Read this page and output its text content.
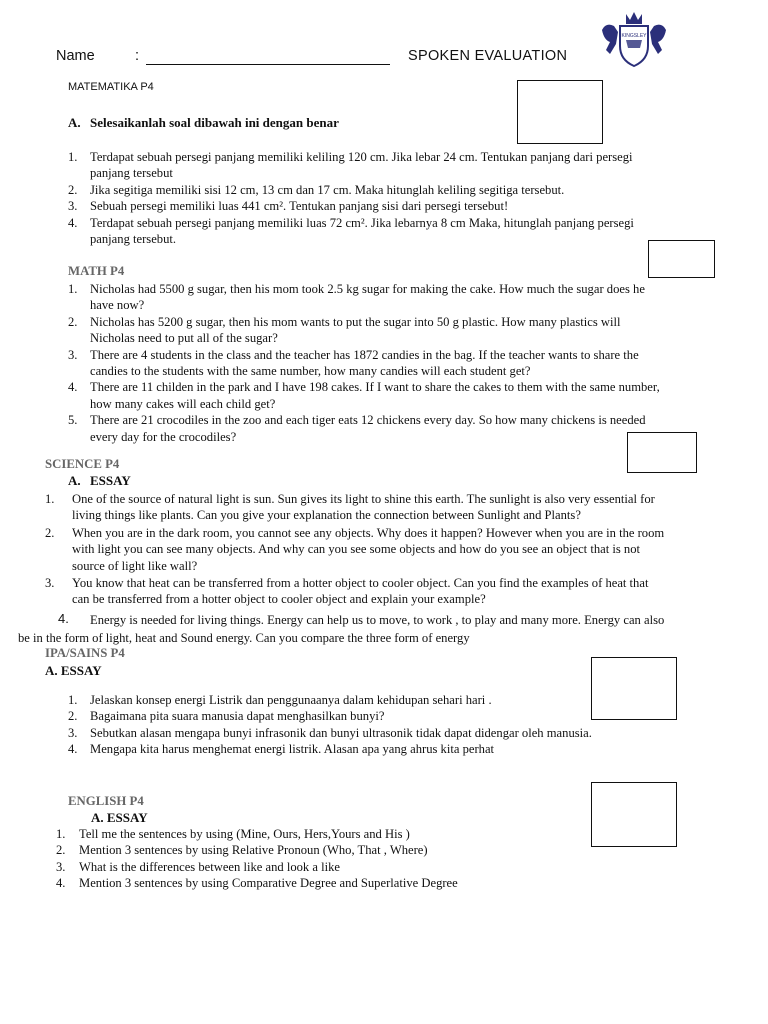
Name	:	SPOKEN EVALUATION
KINGSLEY
MATEMATIKA P4
A. Selesaikanlah soal dibawah ini dengan benar
1. Terdapat sebuah persegi panjang memiliki keliling 120 cm. Jika lebar 24 cm. Tentukan panjang dari persegi
panjang tersebut
2. Jika segitiga memiliki sisi 12 cm, 13 cm dan 17 cm. Maka hitunglah keliling segitiga tersebut.
3. Sebuah persegi memiliki luas 441 cm². Tentukan panjang sisi dari persegi tersebut!
4. Terdapat sebuah persegi panjang memiliki luas 72 cm². Jika lebarnya 8 cm Maka, hitunglah panjang persegi
panjang tersebut.
MATH P4
1. Nicholas had 5500 g sugar, then his mom took 2.5 kg sugar for making the cake. How much the sugar does he
have now?
2. Nicholas has 5200 g sugar, then his mom wants to put the sugar into 50 g plastic. How many plastics will
Nicholas need to put all of the sugar?
3. There are 4 students in the class and the teacher has 1872 candies in the bag. If the teacher wants to share the
candies to the students with the same number, how many candies will each student get?
4. There are 11 childen in the park and I have 198 cakes. If I want to share the cakes to them with the same number,
how many cakes will each child get?
5. There are 21 crocodiles in the zoo and each tiger eats 12 chickens every day. So how many chickens is needed
every day for the crocodiles?
SCIENCE P4
A. ESSAY
1. One of the source of natural light is sun. Sun gives its light to shine this earth. The sunlight is also very essential for
living things like plants. Can you give your explanation the connection between Sunlight and Plants?
2. When you are in the dark room, you cannot see any objects. Why does it happen? However when you are in the room
with light you can see many objects. And why can you see some objects and how do you see an object that is not
source of light like wall?
3. You know that heat can be transferred from a hotter object to cooler object. Can you find the examples of heat that
can be transferred from a hotter object to cooler object and explain your example?
4. Energy is needed for living things. Energy can help us to move, to work , to play and many more. Energy can also
be in the form of light, heat and Sound energy. Can you compare the three form of energy
IPA/SAINS P4
A. ESSAY
1. Jelaskan konsep energi Listrik dan penggunaanya dalam kehidupan sehari hari .
2. Bagaimana pita suara manusia dapat menghasilkan bunyi?
3. Sebutkan alasan mengapa bunyi infrasonik dan bunyi ultrasonik tidak dapat didengar oleh manusia.
4. Mengapa kita harus menghemat energi listrik. Alasan apa yang ahrus kita perhat
ENGLISH P4
A. ESSAY
1. Tell me the sentences by using (Mine, Ours, Hers,Yours and His )
2. Mention 3 sentences by using Relative Pronoun (Who, That , Where)
3. What is the differences between like and look a like
4. Mention 3 sentences by using Comparative Degree and Superlative Degree
